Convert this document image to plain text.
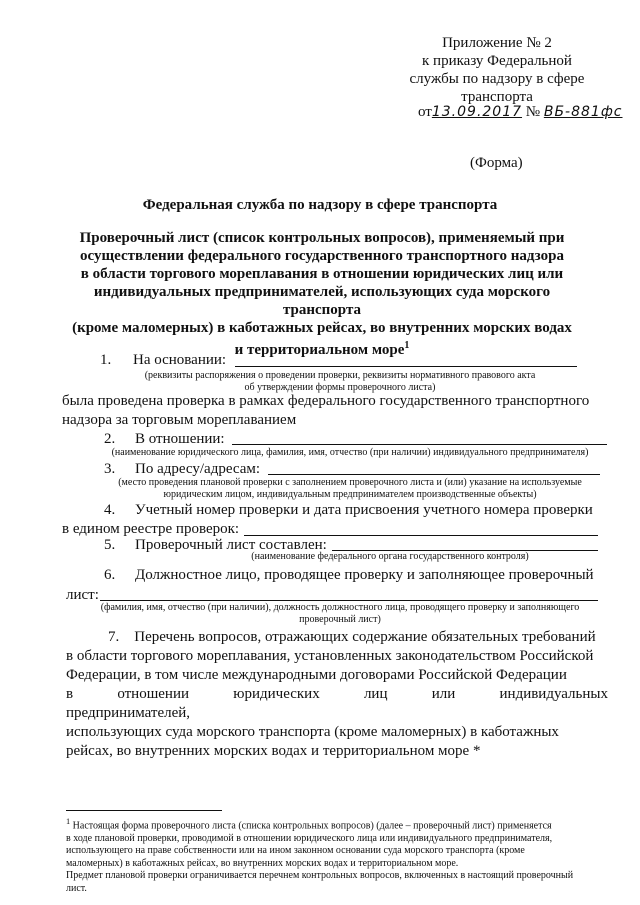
Приложение № 2
к приказу Федеральной
службы по надзору в сфере
транспорта
от13.09.2017 № ВБ-881фс
(Форма)
Федеральная служба по надзору в сфере транспорта
Проверочный лист (список контрольных вопросов), применяемый при
осуществлении федерального государственного транспортного надзора
в области торгового мореплавания в отношении юридических лиц или
индивидуальных предпринимателей, использующих суда морского транспорта
(кроме маломерных) в каботажных рейсах, во внутренних морских водах
и территориальном море$^1$
1. На основании:
(реквизиты распоряжения о проведении проверки, реквизиты нормативного правового акта
об утверждении формы проверочного листа)
была проведена проверка в рамках федерального государственного транспортного
надзора за торговым мореплаванием
2. В отношении:
(наименование юридического лица, фамилия, имя, отчество (при наличии) индивидуального предпринимателя)
3. По адресу/адресам:
(место проведения плановой проверки с заполнением проверочного листа и (или) указание на используемые
юридическим лицом, индивидуальным предпринимателем производственные объекты)
4. Учетный номер проверки и дата присвоения учетного номера проверки
в едином реестре проверок:
5. Проверочный лист составлен:
(наименование федерального органа государственного контроля)
6. Должностное лицо, проводящее проверку и заполняющее проверочный
лист:
(фамилия, имя, отчество (при наличии), должность должностного лица, проводящего проверку и заполняющего
проверочный лист)
7. Перечень вопросов, отражающих содержание обязательных требований
в области торгового мореплавания, установленных законодательством Российской
Федерации, в том числе международными договорами Российской Федерации
в отношении юридических лиц или индивидуальных предпринимателей,
использующих суда морского транспорта (кроме маломерных) в каботажных
рейсах, во внутренних морских водах и территориальном море *
$^1$ Настоящая форма проверочного листа (списка контрольных вопросов) (далее – проверочный лист) применяется
в ходе плановой проверки, проводимой в отношении юридического лица или индивидуального предпринимателя,
использующего на праве собственности или на ином законном основании суда морского транспорта (кроме
маломерных) в каботажных рейсах, во внутренних морских водах и территориальном море.
Предмет плановой проверки ограничивается перечнем контрольных вопросов, включенных в настоящий проверочный
лист.
